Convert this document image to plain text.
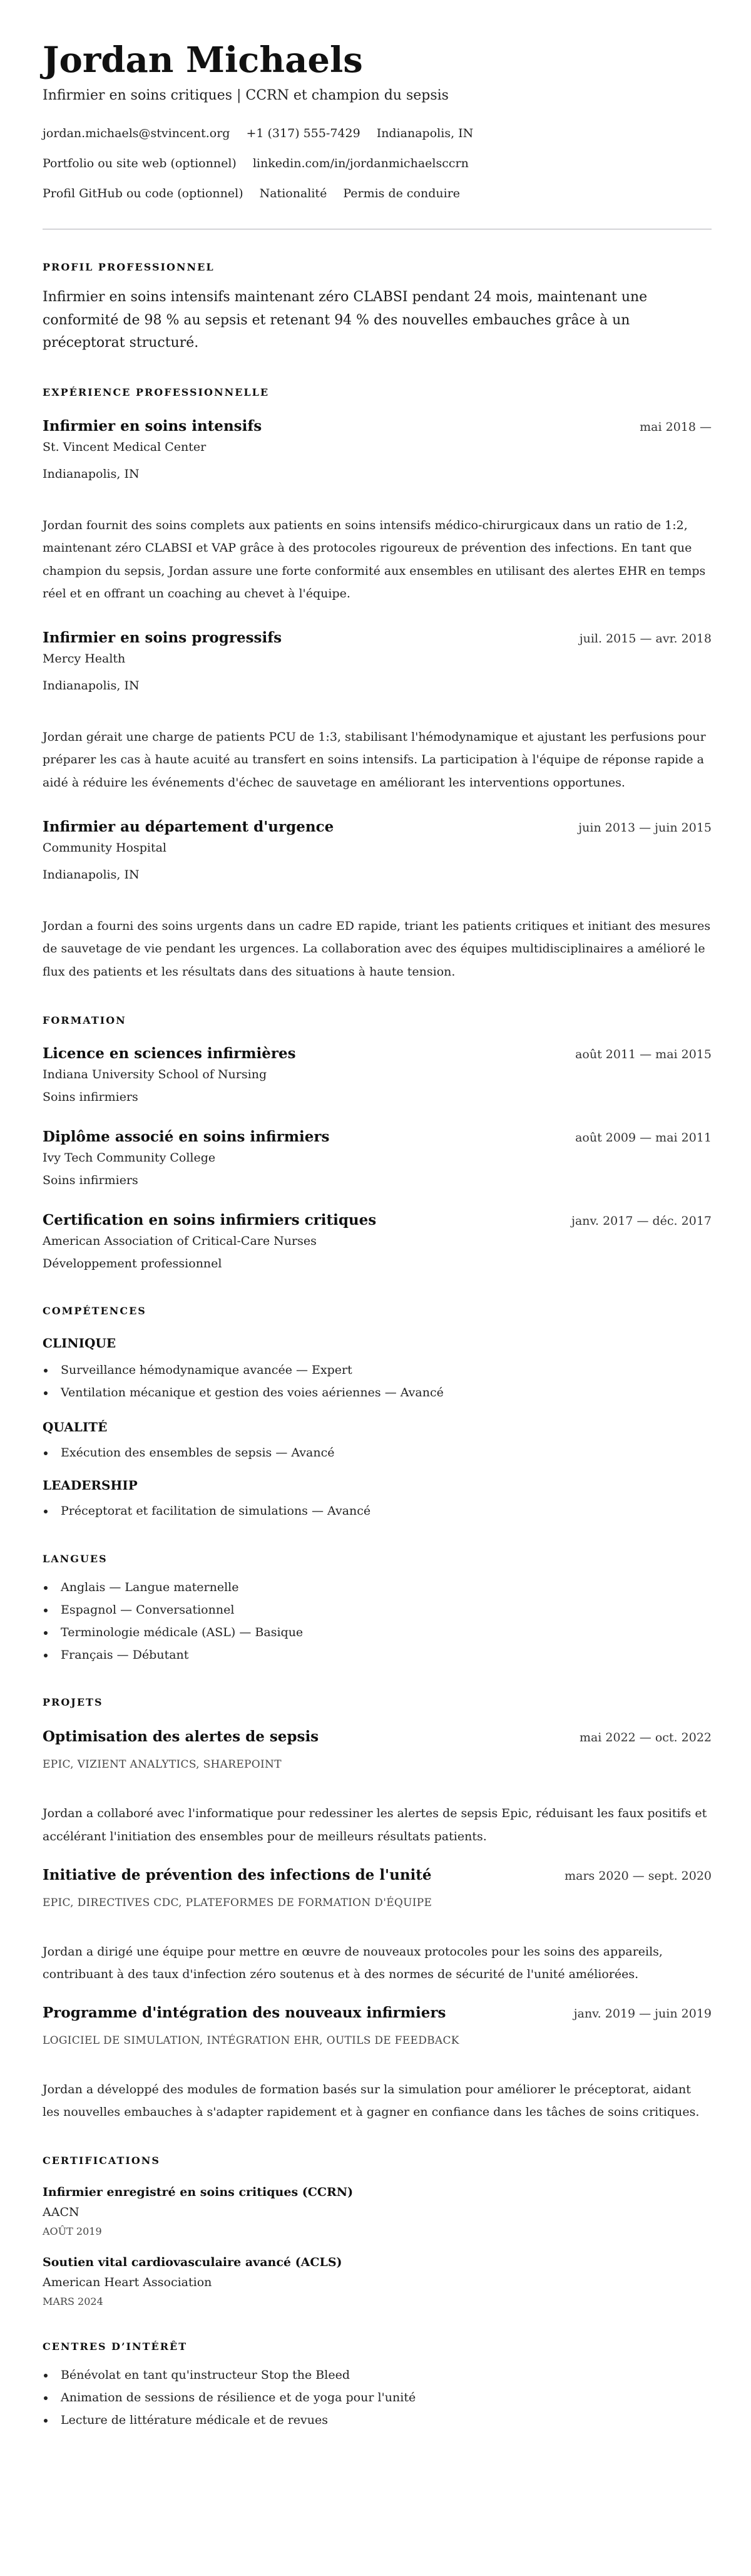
Jordan Michaels
Infirmier en soins critiques | CCRN et champion du sepsis
jordan.michaels@stvincent.org +1 (317) 555-7429 Indianapolis, IN
Portfolio ou site web (optionnel) linkedin.com/in/jordanmichaelsccrn
Profil GitHub ou code (optionnel) Nationalité Permis de conduire
PROFIL PROFESSIONNEL
Infirmier en soins intensifs maintenant zéro CLABSI pendant 24 mois, maintenant une conformité de 98 % au sepsis et retenant 94 % des nouvelles embauches grâce à un préceptorat structuré.
EXPÉRIENCE PROFESSIONNELLE
Infirmier en soins intensifs	mai 2018 —
St. Vincent Medical Center
Indianapolis, IN
Jordan fournit des soins complets aux patients en soins intensifs médico-chirurgicaux dans un ratio de 1:2, maintenant zéro CLABSI et VAP grâce à des protocoles rigoureux de prévention des infections. En tant que champion du sepsis, Jordan assure une forte conformité aux ensembles en utilisant des alertes EHR en temps réel et en offrant un coaching au chevet à l'équipe.
Infirmier en soins progressifs	juil. 2015 — avr. 2018
Mercy Health
Indianapolis, IN
Jordan gérait une charge de patients PCU de 1:3, stabilisant l'hémodynamique et ajustant les perfusions pour préparer les cas à haute acuité au transfert en soins intensifs. La participation à l'équipe de réponse rapide a aidé à réduire les événements d'échec de sauvetage en améliorant les interventions opportunes.
Infirmier au département d'urgence	juin 2013 — juin 2015
Community Hospital
Indianapolis, IN
Jordan a fourni des soins urgents dans un cadre ED rapide, triant les patients critiques et initiant des mesures de sauvetage de vie pendant les urgences. La collaboration avec des équipes multidisciplinaires a amélioré le flux des patients et les résultats dans des situations à haute tension.
FORMATION
Licence en sciences infirmières	août 2011 — mai 2015
Indiana University School of Nursing
Soins infirmiers
Diplôme associé en soins infirmiers	août 2009 — mai 2011
Ivy Tech Community College
Soins infirmiers
Certification en soins infirmiers critiques	janv. 2017 — déc. 2017
American Association of Critical-Care Nurses
Développement professionnel
COMPÉTENCES
CLINIQUE
Surveillance hémodynamique avancée — Expert
Ventilation mécanique et gestion des voies aériennes — Avancé
QUALITÉ
Exécution des ensembles de sepsis — Avancé
LEADERSHIP
Préceptorat et facilitation de simulations — Avancé
LANGUES
Anglais — Langue maternelle
Espagnol — Conversationnel
Terminologie médicale (ASL) — Basique
Français — Débutant
PROJETS
Optimisation des alertes de sepsis	mai 2022 — oct. 2022
EPIC, VIZIENT ANALYTICS, SHAREPOINT
Jordan a collaboré avec l'informatique pour redessiner les alertes de sepsis Epic, réduisant les faux positifs et accélérant l'initiation des ensembles pour de meilleurs résultats patients.
Initiative de prévention des infections de l'unité	mars 2020 — sept. 2020
EPIC, DIRECTIVES CDC, PLATEFORMES DE FORMATION D'ÉQUIPE
Jordan a dirigé une équipe pour mettre en œuvre de nouveaux protocoles pour les soins des appareils, contribuant à des taux d'infection zéro soutenus et à des normes de sécurité de l'unité améliorées.
Programme d'intégration des nouveaux infirmiers	janv. 2019 — juin 2019
LOGICIEL DE SIMULATION, INTÉGRATION EHR, OUTILS DE FEEDBACK
Jordan a développé des modules de formation basés sur la simulation pour améliorer le préceptorat, aidant les nouvelles embauches à s'adapter rapidement et à gagner en confiance dans les tâches de soins critiques.
CERTIFICATIONS
Infirmier enregistré en soins critiques (CCRN)
AACN
AOÛT 2019
Soutien vital cardiovasculaire avancé (ACLS)
American Heart Association
MARS 2024
CENTRES D’INTÉRÊT
Bénévolat en tant qu'instructeur Stop the Bleed
Animation de sessions de résilience et de yoga pour l'unité
Lecture de littérature médicale et de revues
